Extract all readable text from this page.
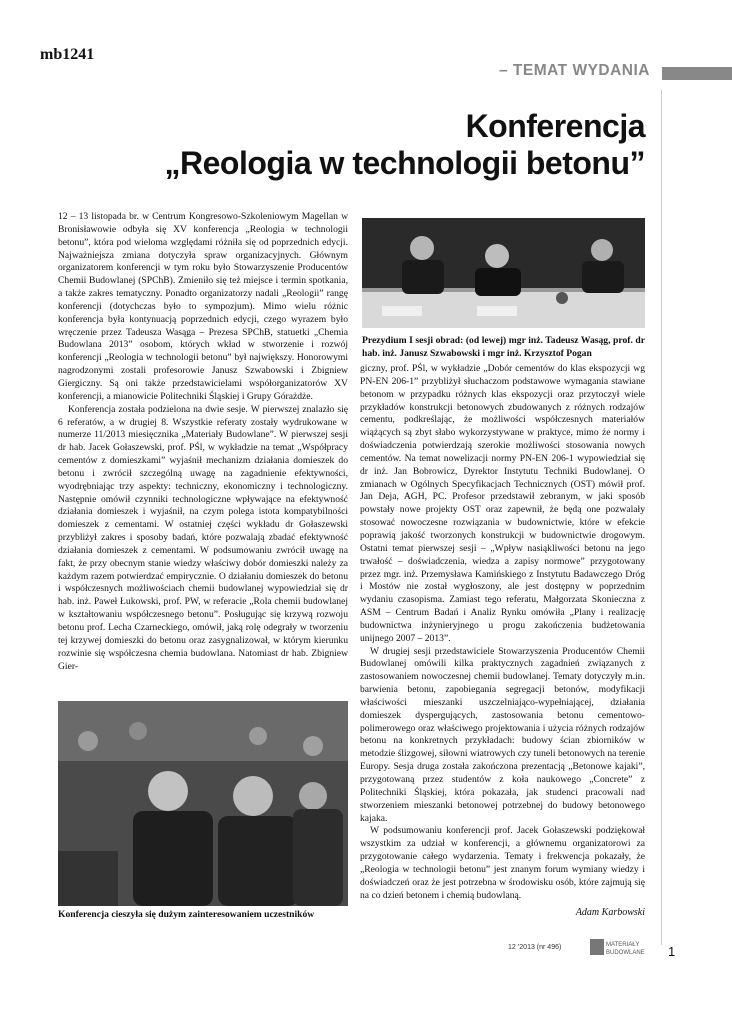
mb1241
– TEMAT WYDANIA
Konferencja
„Reologia w technologii betonu”

12 – 13 listopada br. w Centrum Kongresowo-Szkoleniowym Magellan w Bronisławowie odbyła się XV konferencja „Reologia w technologii betonu”, która pod wieloma względami różniła się od poprzednich edycji. Najważniejsza zmiana dotyczyła spraw organizacyjnych. Głównym organizatorem konferencji w tym roku było Stowarzyszenie Producentów Chemii Budowlanej (SPChB). Zmieniło się też miejsce i termin spotkania, a także zakres tematyczny. Ponadto organizatorzy nadali „Reologii” rangę konferencji (dotychczas było to sympozjum). Mimo wielu różnic konferencja była kontynuacją poprzednich edycji, czego wyrazem było wręczenie przez Tadeusza Wasąga – Prezesa SPChB, statuetki „Chemia Budowlana 2013” osobom, których wkład w stworzenie i rozwój konferencji „Reologia w technologii betonu” był największy. Honorowymi nagrodzonymi zostali profesorowie Janusz Szwabowski i Zbigniew Giergiczny. Są oni także przedstawicielami współorganizatorów XV konferencji, a mianowicie Politechniki Śląskiej i Grupy Górażdże.

Konferencja została podzielona na dwie sesje. W pierwszej znalazło się 6 referatów, a w drugiej 8. Wszystkie referaty zostały wydrukowane w numerze 11/2013 miesięcznika „Materiały Budowlane”. W pierwszej sesji dr hab. Jacek Gołaszewski, prof. PŚl, w wykładzie na temat „Współpracy cementów z domieszkami” wyjaśnił mechanizm działania domieszek do betonu i zwrócił szczególną uwagę na zagadnienie efektywności, wyodrębniając trzy aspekty: techniczny, ekonomiczny i technologiczny. Następnie omówił czynniki technologiczne wpływające na efektywność działania domieszek i wyjaśnił, na czym polega istota kompatybilności domieszek z cementami. W ostatniej części wykładu dr Gołaszewski przybliżył zakres i sposoby badań, które pozwalają zbadać efektywność działania domieszek z cementami. W podsumowaniu zwrócił uwagę na fakt, że przy obecnym stanie wiedzy właściwy dobór domieszki należy za każdym razem potwierdzać empirycznie. O działaniu domieszek do betonu i współczesnych możliwościach chemii budowlanej wypowiedział się dr hab. inż. Paweł Łukowski, prof. PW, w referacie „Rola chemii budowlanej w kształtowaniu współczesnego betonu”. Posługując się krzywą rozwoju betonu prof. Lecha Czarneckiego, omówił, jaką rolę odegrały w tworzeniu tej krzywej domieszki do betonu oraz zasygnalizował, w którym kierunku rozwinie się współczesna chemia budowlana. Natomiast dr hab. Zbigniew Gier-

Prezydium I sesji obrad: (od lewej) mgr inż. Tadeusz Wasąg, prof. dr hab. inż. Janusz Szwabowski i mgr inż. Krzysztof Pogan

giczny, prof. PŚl, w wykładzie „Dobór cementów do klas ekspozycji wg PN-EN 206-1” przybliżył słuchaczom podstawowe wymagania stawiane betonom w przypadku różnych klas ekspozycji oraz przytoczył wiele przykładów konstrukcji betonowych zbudowanych z różnych rodzajów cementu, podkreślając, że możliwości współczesnych materiałów wiążących są zbyt słabo wykorzystywane w praktyce, mimo że normy i doświadczenia potwierdzają szerokie możliwości stosowania nowych cementów. Na temat nowelizacji normy PN-EN 206-1 wypowiedział się dr inż. Jan Bobrowicz, Dyrektor Instytutu Techniki Budowlanej. O zmianach w Ogólnych Specyfikacjach Technicznych (OST) mówił prof. Jan Deja, AGH, PC. Profesor przedstawił zebranym, w jaki sposób powstały nowe projekty OST oraz zapewnił, że będą one pozwalały stosować nowoczesne rozwiązania w budownictwie, które w efekcie poprawią jakość tworzonych konstrukcji w budownictwie drogowym. Ostatni temat pierwszej sesji – „Wpływ nasiąkliwości betonu na jego trwałość – doświadczenia, wiedza a zapisy normowe” przygotowany przez mgr. inż. Przemysława Kamińskiego z Instytutu Badawczego Dróg i Mostów nie został wygłoszony, ale jest dostępny w poprzednim wydaniu czasopisma. Zamiast tego referatu, Małgorzata Skonieczna z ASM – Centrum Badań i Analiz Rynku omówiła „Plany i realizację budownictwa inżynieryjnego u progu zakończenia budżetowania unijnego 2007 – 2013”.

W drugiej sesji przedstawiciele Stowarzyszenia Producentów Chemii Budowlanej omówili kilka praktycznych zagadnień związanych z zastosowaniem nowoczesnej chemii budowlanej. Tematy dotyczyły m.in. barwienia betonu, zapobiegania segregacji betonów, modyfikacji właściwości mieszanki uszczelniająco-wypełniającej, działania domieszek dyspergujących, zastosowania betonu cementowo-polimerowego oraz właściwego projektowania i użycia różnych rodzajów betonu na konkretnych przykładach: budowy ścian zbiorników w metodzie ślizgowej, siłowni wiatrowych czy tuneli betonowych na terenie Europy. Sesja druga została zakończona prezentacją „Betonowe kajaki”, przygotowaną przez studentów z koła naukowego „Concrete” z Politechniki Śląskiej, która pokazała, jak studenci pracowali nad stworzeniem mieszanki betonowej potrzebnej do budowy betonowego kajaka.

W podsumowaniu konferencji prof. Jacek Gołaszewski podziękował wszystkim za udział w konferencji, a głównemu organizatorowi za przygotowanie całego wydarzenia. Tematy i frekwencja pokazały, że „Reologia w technologii betonu” jest znanym forum wymiany wiedzy i doświadczeń oraz że jest potrzebna w środowisku osób, które zajmują się na co dzień betonem i chemią budowlaną.

Konferencja cieszyła się dużym zainteresowaniem uczestników	Adam Karbowski
12 ’2013 (nr 496)	MATERIAŁY
BUDOWLANE 1
